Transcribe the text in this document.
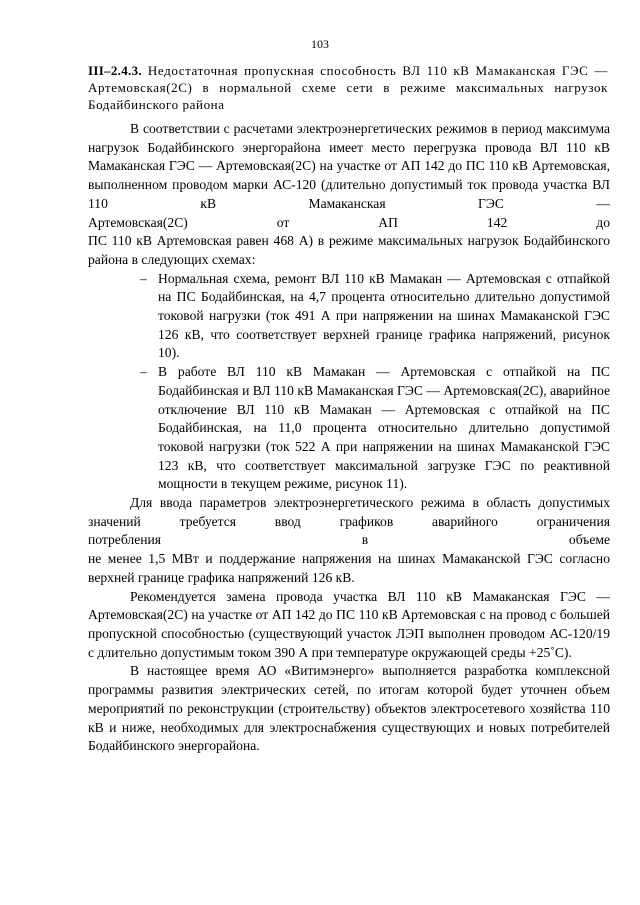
103
III–2.4.3. Недостаточная пропускная способность ВЛ 110 кВ Мамаканская ГЭС — Артемовская(2С) в нормальной схеме сети в режиме максимальных нагрузок Бодайбинского района

В соответствии с расчетами электроэнергетических режимов в период максимума нагрузок Бодайбинского энергорайона имеет место перегрузка провода ВЛ 110 кВ Мамаканская ГЭС — Артемовская(2С) на участке от АП 142 до ПС 110 кВ Артемовская, выполненном проводом марки АС-120 (длительно допустимый ток провода участка ВЛ 110 кВ Мамаканская ГЭС —
Артемовская(2С) от АП 142 до
ПС 110 кВ Артемовская равен 468 А) в режиме максимальных нагрузок Бодайбинского района в следующих схемах:

– Нормальная схема, ремонт ВЛ 110 кВ Мамакан — Артемовская с отпайкой на ПС Бодайбинская, на 4,7 процента относительно длительно допустимой токовой нагрузки (ток 491 А при напряжении на шинах Мамаканской ГЭС 126 кВ, что соответствует верхней границе графика напряжений, рисунок 10).
– В работе ВЛ 110 кВ Мамакан — Артемовская с отпайкой на ПС Бодайбинская и ВЛ 110 кВ Мамаканская ГЭС — Артемовская(2С), аварийное отключение ВЛ 110 кВ Мамакан — Артемовская с отпайкой на ПС Бодайбинская, на 11,0 процента относительно длительно допустимой токовой нагрузки (ток 522 А при напряжении на шинах Мамаканской ГЭС 123 кВ, что соответствует максимальной загрузке ГЭС по реактивной мощности в текущем режиме, рисунок 11).

Для ввода параметров электроэнергетического режима в область допустимых значений требуется ввод графиков аварийного ограничения
потребления в объеме
не менее 1,5 МВт и поддержание напряжения на шинах Мамаканской ГЭС согласно верхней границе графика напряжений 126 кВ.

Рекомендуется замена провода участка ВЛ 110 кВ Мамаканская ГЭС — Артемовская(2С) на участке от АП 142 до ПС 110 кВ Артемовская с на провод с большей пропускной способностью (существующий участок ЛЭП выполнен проводом АС-120/19 с длительно допустимым током 390 А при температуре окружающей среды +25˚С).

В настоящее время АО «Витимэнерго» выполняется разработка комплексной программы развития электрических сетей, по итогам которой будет уточнен объем мероприятий по реконструкции (строительству) объектов электросетевого хозяйства 110 кВ и ниже, необходимых для электроснабжения существующих и новых потребителей Бодайбинского энергорайона.
